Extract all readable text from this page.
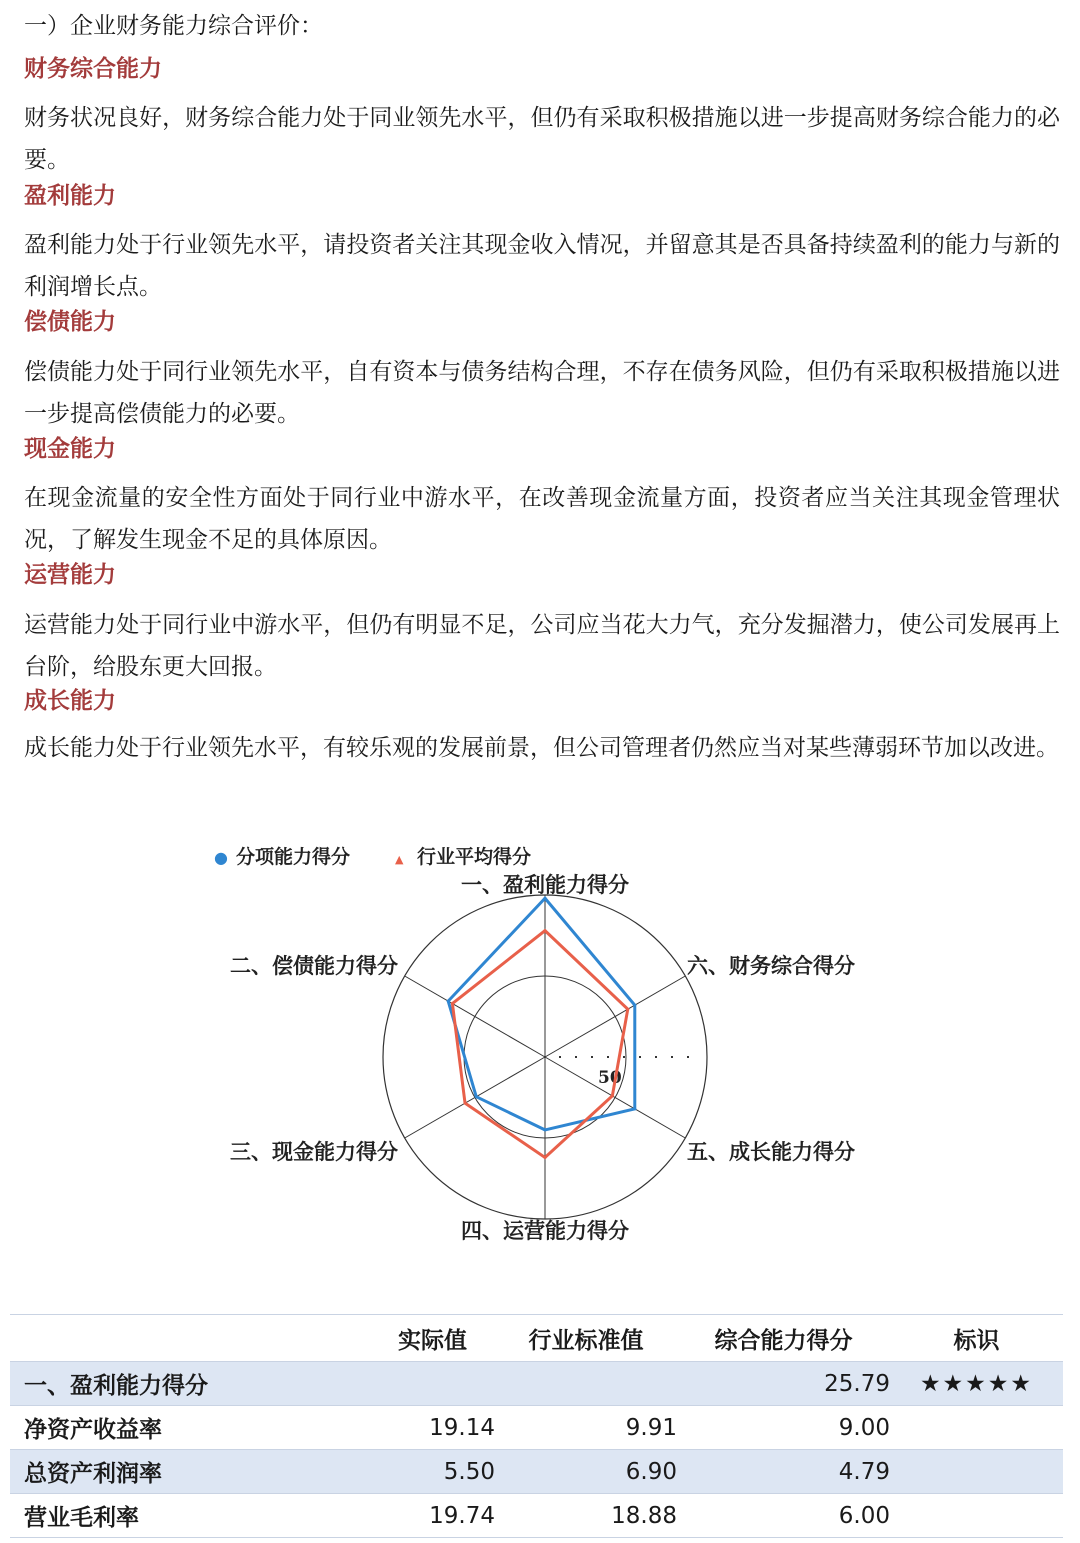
一）企业财务能力综合评价：
财务综合能力
财务状况良好，财务综合能力处于同业领先水平，但仍有采取积极措施以进一步提高财务综合能力的必要。
盈利能力
盈利能力处于行业领先水平，请投资者关注其现金收入情况，并留意其是否具备持续盈利的能力与新的利润增长点。
偿债能力
偿债能力处于同行业领先水平，自有资本与债务结构合理，不存在债务风险，但仍有采取积极措施以进一步提高偿债能力的必要。
现金能力
在现金流量的安全性方面处于同行业中游水平，在改善现金流量方面，投资者应当关注其现金管理状况，了解发生现金不足的具体原因。
运营能力
运营能力处于同行业中游水平，但仍有明显不足，公司应当花大力气，充分发掘潜力，使公司发展再上台阶，给股东更大回报。
成长能力
成长能力处于行业领先水平，有较乐观的发展前景，但公司管理者仍然应当对某些薄弱环节加以改进。
50
一、盈利能力得分
六、财务综合得分
五、成长能力得分
四、运营能力得分
三、现金能力得分
二、偿债能力得分
● 分项能力得分	▲ 行业平均得分
	实际值	行业标准值	综合能力得分	标识
一、盈利能力得分			25.79	★★★★★
净资产收益率	19.14	9.91	9.00	
总资产利润率	5.50	6.90	4.79	
营业毛利率	19.74	18.88	6.00	
